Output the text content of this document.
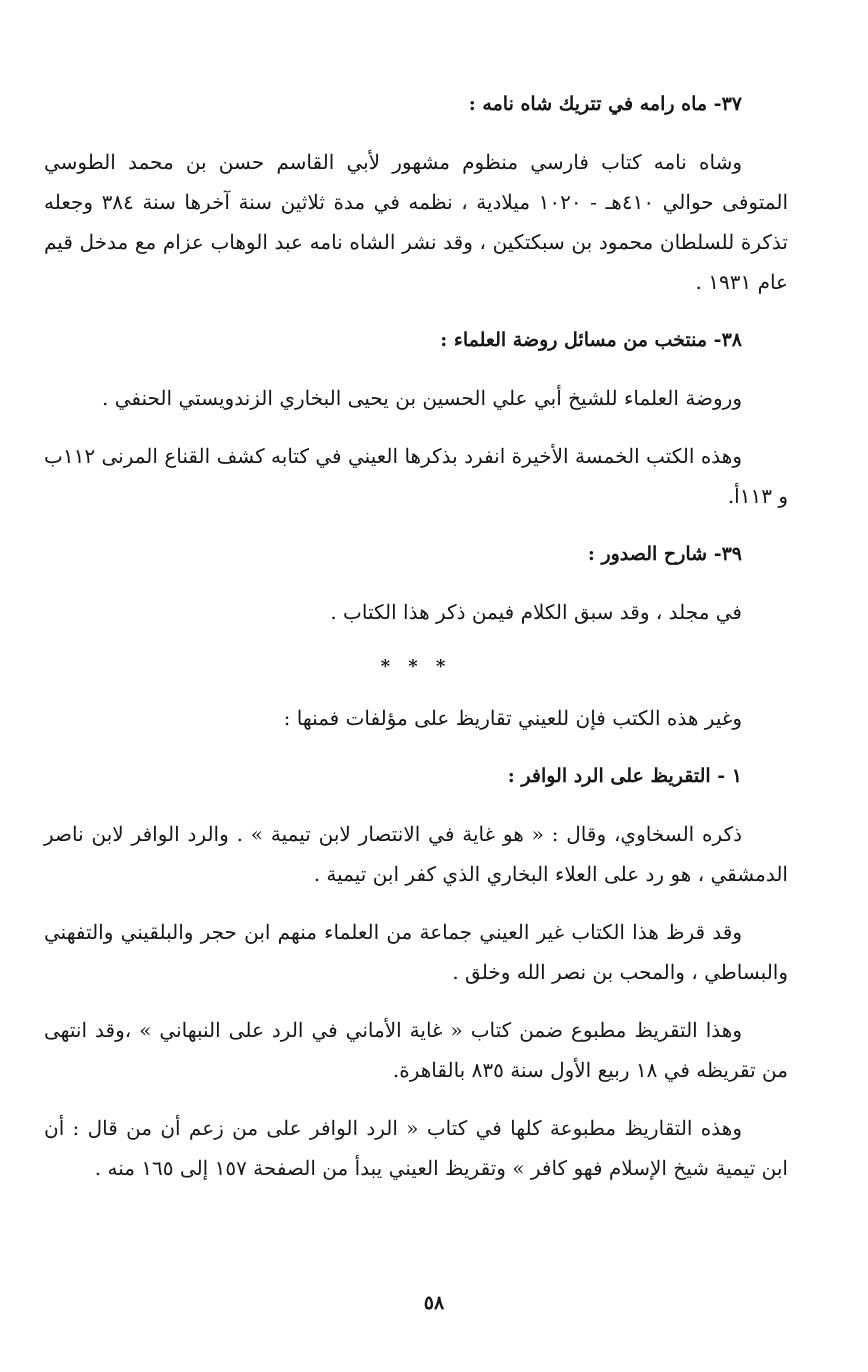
٣٧- ماه رامه في تتريك شاه نامه :

وشاه نامه كتاب فارسي منظوم مشهور لأبي القاسم حسن بن محمد الطوسي المتوفى حوالي ٤١٠هـ - ١٠٢٠ ميلادية ، نظمه في مدة ثلاثين سنة آخرها سنة ٣٨٤ وجعله تذكرة للسلطان محمود بن سبكتكين ، وقد نشر الشاه نامه عبد الوهاب عزام مع مدخل قيم عام ١٩٣١ .

٣٨- منتخب من مسائل روضة العلماء :

وروضة العلماء للشيخ أبي علي الحسين بن يحيى البخاري الزندويستي الحنفي .

وهذه الكتب الخمسة الأخيرة انفرد بذكرها العيني في كتابه كشف القناع المرنى ١١٢ب و ١١٣أ.

٣٩- شارح الصدور :

في مجلد ، وقد سبق الكلام فيمن ذكر هذا الكتاب .

* * *

وغير هذه الكتب فإن للعيني تقاريظ على مؤلفات فمنها :

١ - التقريظ على الرد الوافر :

ذكره السخاوي، وقال : « هو غاية في الانتصار لابن تيمية » . والرد الوافر لابن ناصر الدمشقي ، هو رد على العلاء البخاري الذي كفر ابن تيمية .

وقد قرظ هذا الكتاب غير العيني جماعة من العلماء منهم ابن حجر والبلقيني والتفهني والبساطي ، والمحب بن نصر الله وخلق .

وهذا التقريظ مطبوع ضمن كتاب « غاية الأماني في الرد على النبهاني » ،وقد انتهى من تقريظه في ١٨ ربيع الأول سنة ٨٣٥ بالقاهرة.

وهذه التقاريظ مطبوعة كلها في كتاب « الرد الوافر على من زعم أن من قال : أن ابن تيمية شيخ الإسلام فهو كافر » وتقريظ العيني يبدأ من الصفحة ١٥٧ إلى ١٦٥ منه .

٥٨
